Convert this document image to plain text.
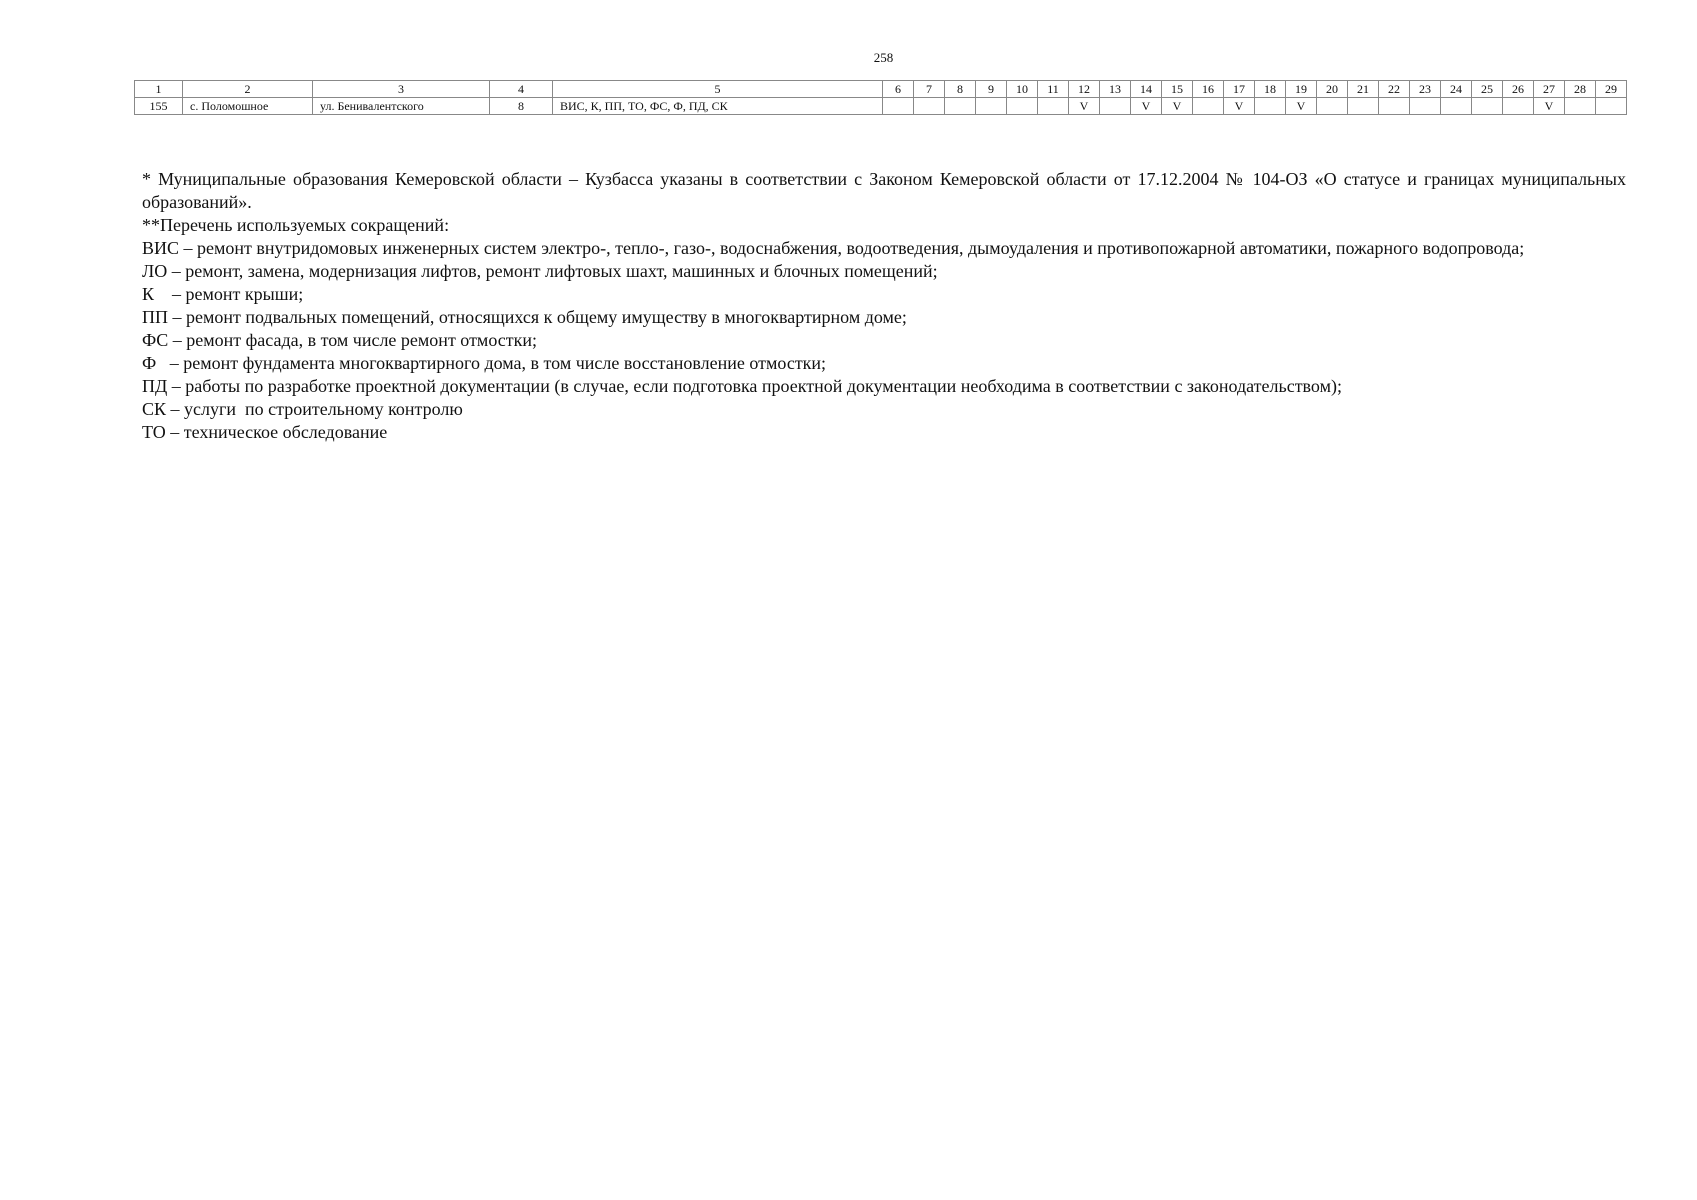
258
1	2	3	4	5	6	7	8	9	10	11	12	13	14	15	16	17	18	19	20	21	22	23	24	25	26	27	28	29
155	с. Поломошное	ул. Бенивалентского	8	ВИС, К, ПП, ТО, ФС, Ф, ПД, СК							V		V	V		V		V								V		

* Муниципальные образования Кемеровской области – Кузбасса указаны в соответствии с Законом Кемеровской области от 17.12.2004 № 104-ОЗ «О статусе и границах муниципальных образований».

**Перечень используемых сокращений:

ВИС – ремонт внутридомовых инженерных систем электро-, тепло-, газо-, водоснабжения, водоотведения, дымоудаления и противопожарной автоматики, пожарного водопровода;

ЛО – ремонт, замена, модернизация лифтов, ремонт лифтовых шахт, машинных и блочных помещений;

К    – ремонт крыши;

ПП – ремонт подвальных помещений, относящихся к общему имуществу в многоквартирном доме;

ФС – ремонт фасада, в том числе ремонт отмостки;

Ф   – ремонт фундамента многоквартирного дома, в том числе восстановление отмостки;

ПД – работы по разработке проектной документации (в случае, если подготовка проектной документации необходима в соответствии с законодательством);

СК – услуги  по строительному контролю

ТО – техническое обследование
